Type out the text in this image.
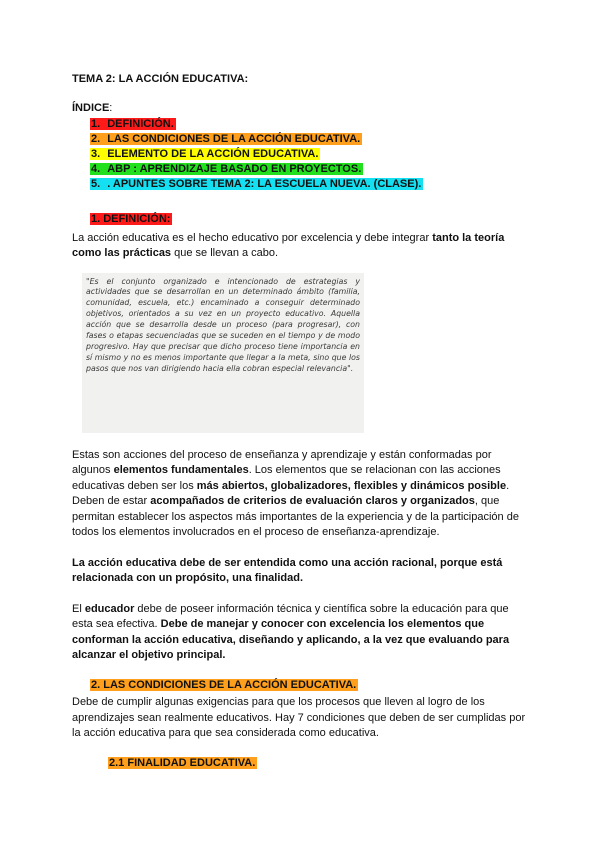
TEMA 2: LA ACCIÓN EDUCATIVA:
ÍNDICE:
1. DEFINICIÓN.
2. LAS CONDICIONES DE LA ACCIÓN EDUCATIVA.
3. ELEMENTO DE LA ACCIÓN EDUCATIVA.
4. ABP : APRENDIZAJE BASADO EN PROYECTOS.
5. . APUNTES SOBRE TEMA 2: LA ESCUELA NUEVA. (CLASE).
1. DEFINICIÓN:

La acción educativa es el hecho educativo por excelencia y debe integrar tanto la teoría como las prácticas que se llevan a cabo.

"Es el conjunto organizado e intencionado de estrategias y actividades que se desarrollan en un determinado ámbito (familia, comunidad, escuela, etc.) encaminado a conseguir determinado objetivos, orientados a su vez en un proyecto educativo. Aquella acción que se desarrolla desde un proceso (para progresar), con fases o etapas secuenciadas que se suceden en el tiempo y de modo progresivo. Hay que precisar que dicho proceso tiene importancia en sí mismo y no es menos importante que llegar a la meta, sino que los pasos que nos van dirigiendo hacia ella cobran especial relevancia".

Estas son acciones del proceso de enseñanza y aprendizaje y están conformadas por algunos elementos fundamentales. Los elementos que se relacionan con las acciones educativas deben ser los más abiertos, globalizadores, flexibles y dinámicos posible. Deben de estar acompañados de criterios de evaluación claros y organizados, que permitan establecer los aspectos más importantes de la experiencia y de la participación de todos los elementos involucrados en el proceso de enseñanza-aprendizaje.

La acción educativa debe de ser entendida como una acción racional, porque está relacionada con un propósito, una finalidad.

El educador debe de poseer información técnica y científica sobre la educación para que esta sea efectiva. Debe de manejar y conocer con excelencia los elementos que conforman la acción educativa, diseñando y aplicando, a la vez que evaluando para alcanzar el objetivo principal.

2. LAS CONDICIONES DE LA ACCIÓN EDUCATIVA.

Debe de cumplir algunas exigencias para que los procesos que lleven al logro de los aprendizajes sean realmente educativos. Hay 7 condiciones que deben de ser cumplidas por la acción educativa para que sea considerada como educativa.

2.1 FINALIDAD EDUCATIVA.
